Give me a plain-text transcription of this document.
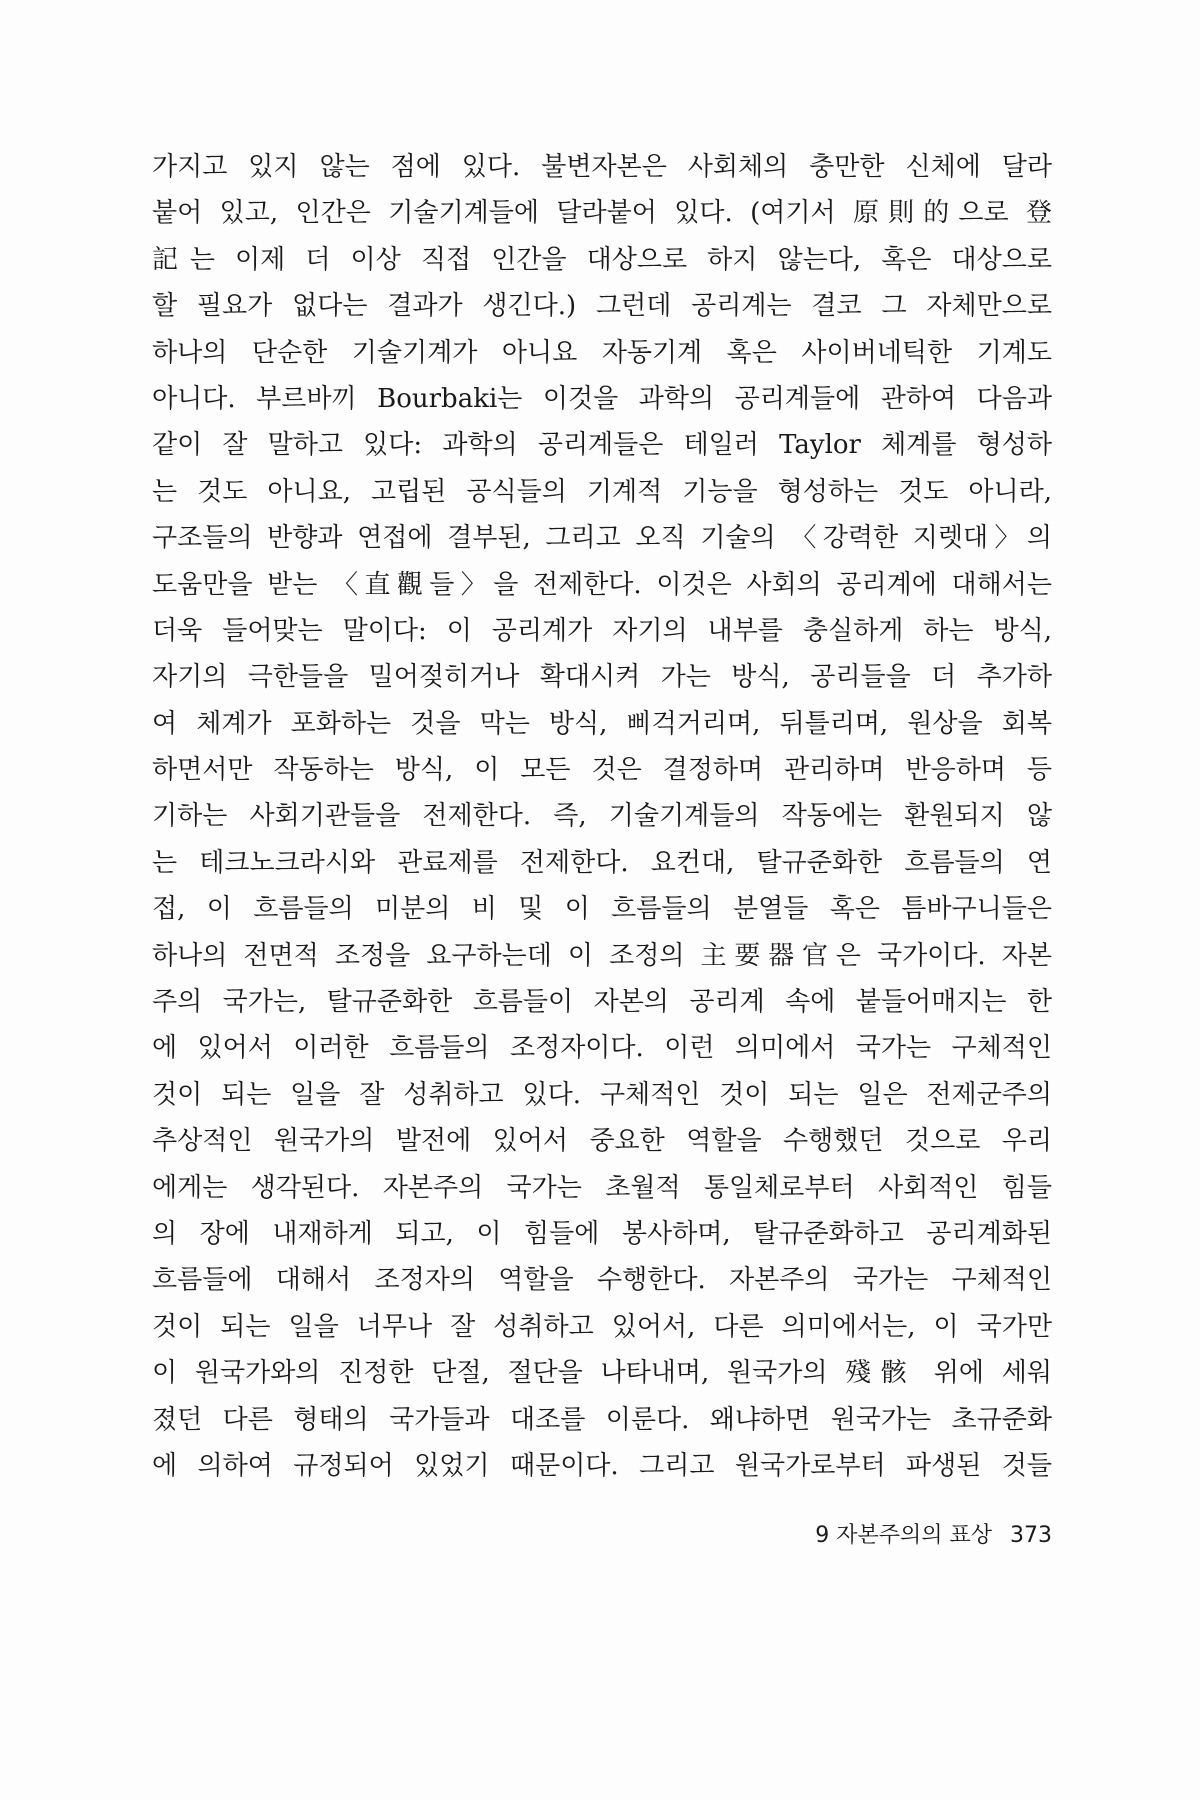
가지고 있지 않는 점에 있다. 불변자본은 사회체의 충만한 신체에 달라
붙어 있고, 인간은 기술기계들에 달라붙어 있다. (여기서 原則的으로 登
記는 이제 더 이상 직접 인간을 대상으로 하지 않는다, 혹은 대상으로
할 필요가 없다는 결과가 생긴다.) 그런데 공리계는 결코 그 자체만으로
하나의 단순한 기술기계가 아니요 자동기계 혹은 사이버네틱한 기계도
아니다. 부르바끼 Bourbaki는 이것을 과학의 공리계들에 관하여 다음과
같이 잘 말하고 있다: 과학의 공리계들은 테일러 Taylor 체계를 형성하
는 것도 아니요, 고립된 공식들의 기계적 기능을 형성하는 것도 아니라,
구조들의 반향과 연접에 결부된, 그리고 오직 기술의 〈강력한 지렛대〉의
도움만을 받는 〈直觀들〉을 전제한다. 이것은 사회의 공리계에 대해서는
더욱 들어맞는 말이다: 이 공리계가 자기의 내부를 충실하게 하는 방식,
자기의 극한들을 밀어젖히거나 확대시켜 가는 방식, 공리들을 더 추가하
여 체계가 포화하는 것을 막는 방식, 삐걱거리며, 뒤틀리며, 원상을 회복
하면서만 작동하는 방식, 이 모든 것은 결정하며 관리하며 반응하며 등
기하는 사회기관들을 전제한다. 즉, 기술기계들의 작동에는 환원되지 않
는 테크노크라시와 관료제를 전제한다. 요컨대, 탈규준화한 흐름들의 연
접, 이 흐름들의 미분의 비 및 이 흐름들의 분열들 혹은 틈바구니들은
하나의 전면적 조정을 요구하는데 이 조정의 主要器官은 국가이다. 자본
주의 국가는, 탈규준화한 흐름들이 자본의 공리계 속에 붙들어매지는 한
에 있어서 이러한 흐름들의 조정자이다. 이런 의미에서 국가는 구체적인
것이 되는 일을 잘 성취하고 있다. 구체적인 것이 되는 일은 전제군주의
추상적인 원국가의 발전에 있어서 중요한 역할을 수행했던 것으로 우리
에게는 생각된다. 자본주의 국가는 초월적 통일체로부터 사회적인 힘들
의 장에 내재하게 되고, 이 힘들에 봉사하며, 탈규준화하고 공리계화된
흐름들에 대해서 조정자의 역할을 수행한다. 자본주의 국가는 구체적인
것이 되는 일을 너무나 잘 성취하고 있어서, 다른 의미에서는, 이 국가만
이 원국가와의 진정한 단절, 절단을 나타내며, 원국가의 殘骸 위에 세워
졌던 다른 형태의 국가들과 대조를 이룬다. 왜냐하면 원국가는 초규준화
에 의하여 규정되어 있었기 때문이다. 그리고 원국가로부터 파생된 것들
9 자본주의의 표상 373
